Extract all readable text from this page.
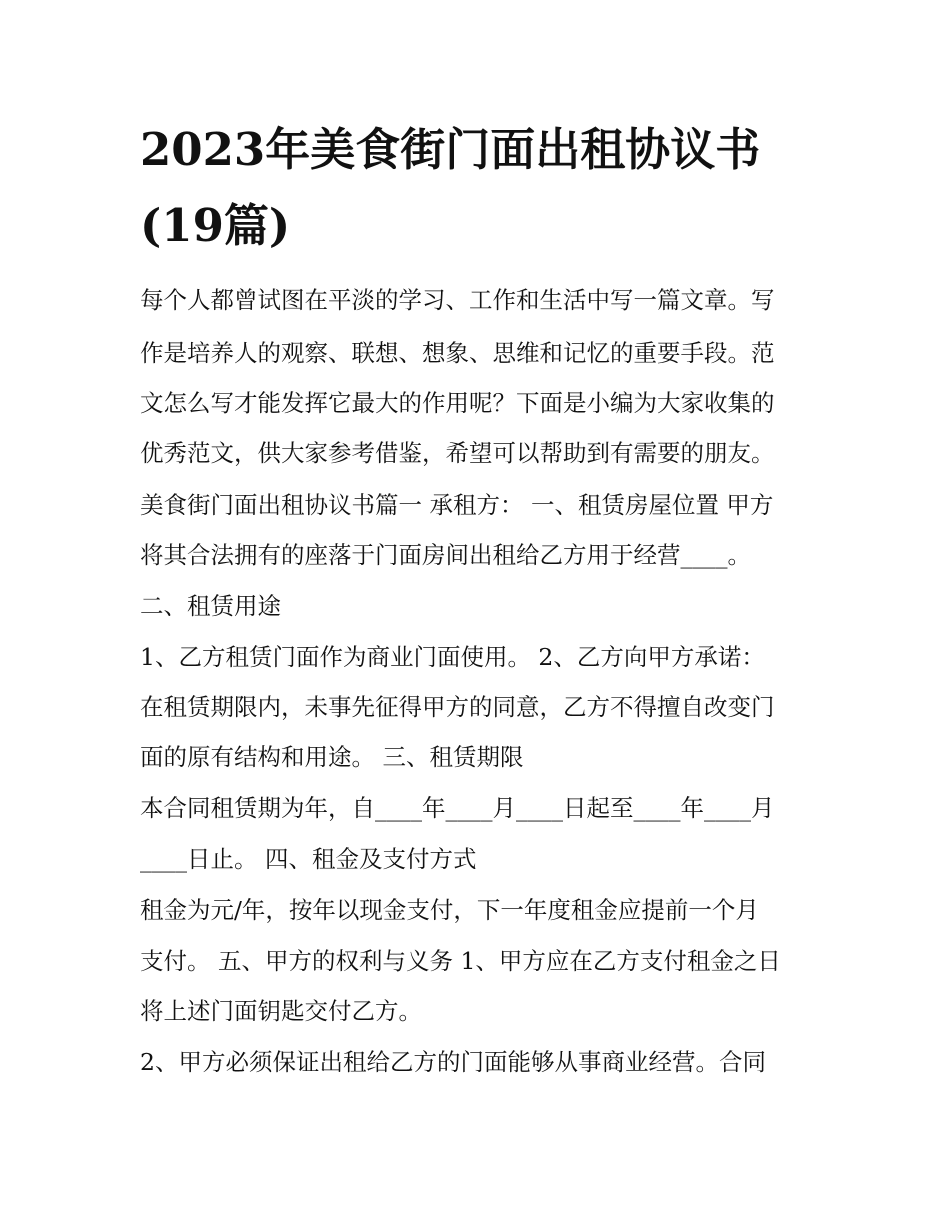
2023年美食街门面出租协议书
(19篇)

每个人都曾试图在平淡的学习、工作和生活中写一篇文章。写

作是培养人的观察、联想、想象、思维和记忆的重要手段。范

文怎么写才能发挥它最大的作用呢？下面是小编为大家收集的

优秀范文，供大家参考借鉴，希望可以帮助到有需要的朋友。

美食街门面出租协议书篇一 承租方： 一、租赁房屋位置 甲方

将其合法拥有的座落于门面房间出租给乙方用于经营____。

二、租赁用途

1、乙方租赁门面作为商业门面使用。 2、乙方向甲方承诺：

在租赁期限内，未事先征得甲方的同意，乙方不得擅自改变门

面的原有结构和用途。 三、租赁期限

本合同租赁期为年，自____年____月____日起至____年____月

____日止。 四、租金及支付方式

租金为元/年，按年以现金支付，下一年度租金应提前一个月

支付。 五、甲方的权利与义务 1、甲方应在乙方支付租金之日

将上述门面钥匙交付乙方。

2、甲方必须保证出租给乙方的门面能够从事商业经营。合同
